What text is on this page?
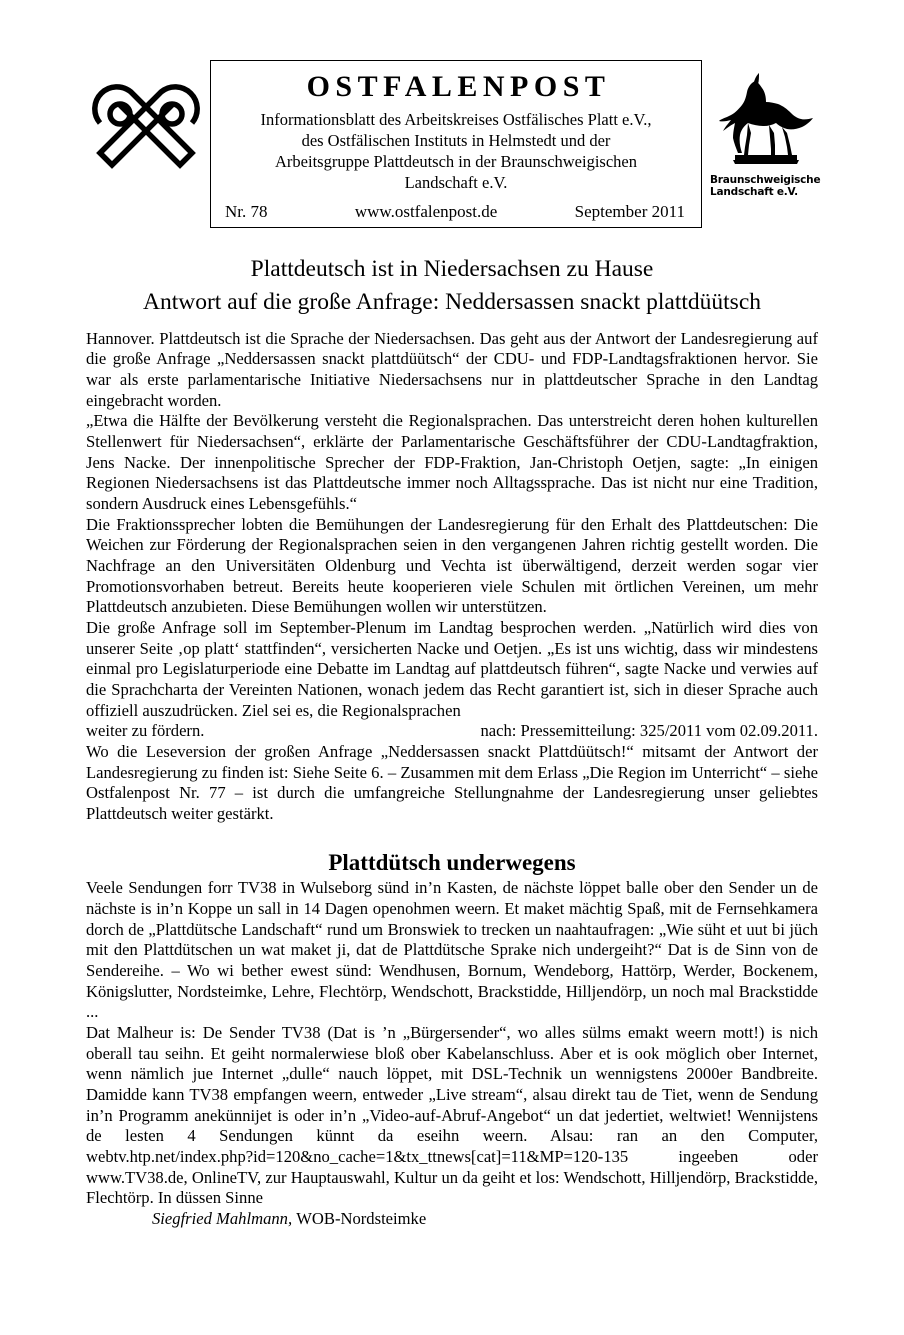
OSTFALENPOST
Informationsblatt des Arbeitskreises Ostfälisches Platt e.V.,
des Ostfälischen Instituts in Helmstedt und der
Arbeitsgruppe Plattdeutsch in der Braunschweigischen
Landschaft e.V.
Nr. 78	www.ostfalenpost.de	September 2011
Braunschweigische
Landschaft e.V.
Plattdeutsch ist in Niedersachsen zu Hause
Antwort auf die große Anfrage: Neddersassen snackt plattdüütsch

Hannover. Plattdeutsch ist die Sprache der Niedersachsen. Das geht aus der Antwort der Landesregierung auf die große Anfrage „Neddersassen snackt plattdüütsch“ der CDU- und FDP-Landtagsfraktionen hervor. Sie war als erste parlamentarische Initiative Niedersachsens nur in plattdeutscher Sprache in den Landtag eingebracht worden.

„Etwa die Hälfte der Bevölkerung versteht die Regionalsprachen. Das unterstreicht deren hohen kulturellen Stellenwert für Niedersachsen“, erklärte der Parlamentarische Geschäftsführer der CDU-Landtagfraktion, Jens Nacke. Der innenpolitische Sprecher der FDP-Fraktion, Jan-Christoph Oetjen, sagte: „In einigen Regionen Niedersachsens ist das Plattdeutsche immer noch Alltagssprache. Das ist nicht nur eine Tradition, sondern Ausdruck eines Lebensgefühls.“

Die Fraktionssprecher lobten die Bemühungen der Landesregierung für den Erhalt des Plattdeutschen: Die Weichen zur Förderung der Regionalsprachen seien in den vergangenen Jahren richtig gestellt worden. Die Nachfrage an den Universitäten Oldenburg und Vechta ist überwältigend, derzeit werden sogar vier Promotionsvorhaben betreut. Bereits heute kooperieren viele Schulen mit örtlichen Vereinen, um mehr Plattdeutsch anzubieten. Diese Bemühungen wollen wir unterstützen.

Die große Anfrage soll im September-Plenum im Landtag besprochen werden. „Natürlich wird dies von unserer Seite ‚op platt‘ stattfinden“, versicherten Nacke und Oetjen. „Es ist uns wichtig, dass wir mindestens einmal pro Legislaturperiode eine Debatte im Landtag auf plattdeutsch führen“, sagte Nacke und verwies auf die Sprachcharta der Vereinten Nationen, wonach jedem das Recht garantiert ist, sich in dieser Sprache auch offiziell auszudrücken. Ziel sei es, die Regionalsprachen

weiter zu fördern.	nach: Pressemitteilung: 325/2011 vom 02.09.2011.

Wo die Leseversion der großen Anfrage „Neddersassen snackt Plattdüütsch!“ mitsamt der Antwort der Landesregierung zu finden ist: Siehe Seite 6. – Zusammen mit dem Erlass „Die Region im Unterricht“ – siehe Ostfalenpost Nr. 77 – ist durch die umfangreiche Stellungnahme der Landesregierung unser geliebtes Plattdeutsch weiter gestärkt.

Plattdütsch underwegens

Veele Sendungen forr TV38 in Wulseborg sünd in’n Kasten, de nächste löppet balle ober den Sender un de nächste is in’n Koppe un sall in 14 Dagen openohmen weern. Et maket mächtig Spaß, mit de Fernsehkamera dorch de „Plattdütsche Landschaft“ rund um Bronswiek to trecken un naahtaufragen: „Wie süht et uut bi jüch mit den Plattdütschen un wat maket ji, dat de Plattdütsche Sprake nich undergeiht?“ Dat is de Sinn von de Sendereihe. – Wo wi bether ewest sünd: Wendhusen, Bornum, Wendeborg, Hattörp, Werder, Bockenem, Königslutter, Nordsteimke, Lehre, Flechtörp, Wendschott, Brackstidde, Hilljendörp, un noch mal Brackstidde ...

Dat Malheur is: De Sender TV38 (Dat is ’n „Bürgersender“, wo alles sülms emakt weern mott!) is nich oberall tau seihn. Et geiht normalerwiese bloß ober Kabelanschluss. Aber et is ook möglich ober Internet, wenn nämlich jue Internet „dulle“ nauch löppet, mit DSL-Technik un wennigstens 2000er Bandbreite. Damidde kann TV38 empfangen weern, entweder „Live stream“, alsau direkt tau de Tiet, wenn de Sendung in’n Programm anekünnijet is oder in’n „Video-auf-Abruf-Angebot“ un dat jedertiet, weltwiet! Wennijstens de lesten 4 Sendungen künnt da eseihn weern. Alsau: ran an den Computer, webtv.htp.net/index.php?id=120&no_cache=1&tx_ttnews[cat]=11&MP=120-135	ingeeben oder www.TV38.de, OnlineTV, zur Hauptauswahl, Kultur un da geiht et los: Wendschott, Hilljendörp, Brackstidde, Flechtörp. In düssen Sinne

Siegfried Mahlmann,
WOB-Nordsteimke
